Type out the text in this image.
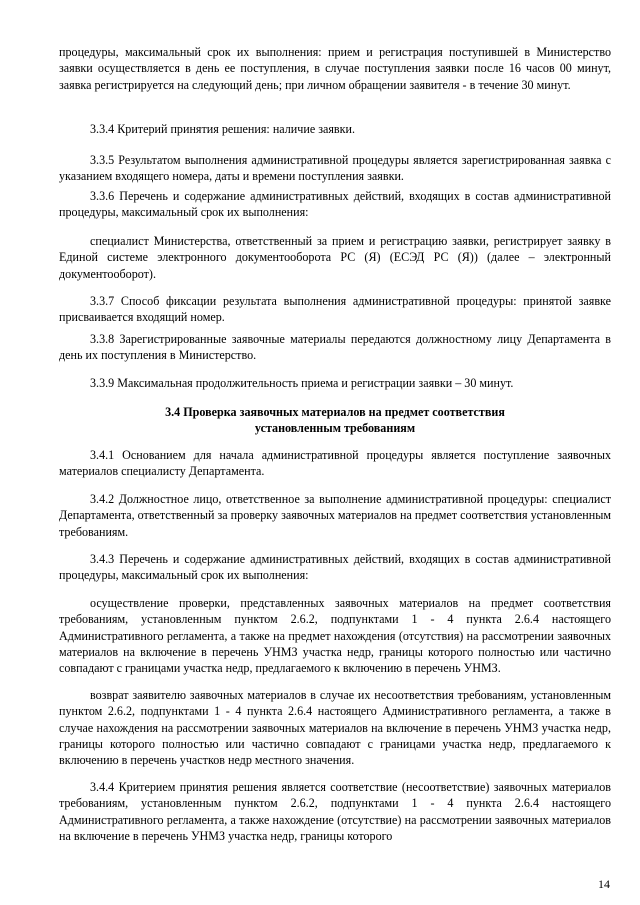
процедуры, максимальный срок их выполнения: прием и регистрация поступившей в Министерство заявки осуществляется в день ее поступления, в случае поступления заявки после 16 часов 00 минут, заявка регистрируется на следующий день; при личном обращении заявителя - в течение 30 минут.

3.3.4 Критерий принятия решения: наличие заявки.

3.3.5 Результатом выполнения административной процедуры является зарегистрированная заявка с указанием входящего номера, даты и времени поступления заявки.

3.3.6 Перечень и содержание административных действий, входящих в состав административной процедуры, максимальный срок их выполнения:

специалист Министерства, ответственный за прием и регистрацию заявки, регистрирует заявку в Единой системе электронного документооборота РС (Я) (ЕСЭД РС (Я)) (далее – электронный документооборот).

3.3.7 Способ фиксации результата выполнения административной процедуры: принятой заявке присваивается входящий номер.

3.3.8 Зарегистрированные заявочные материалы передаются должностному лицу Департамента в день их поступления в Министерство.

3.3.9 Максимальная продолжительность приема и регистрации заявки – 30 минут.

3.4 Проверка заявочных материалов на предмет соответствия
установленным требованиям

3.4.1 Основанием для начала административной процедуры является поступление заявочных материалов специалисту Департамента.

3.4.2 Должностное лицо, ответственное за выполнение административной процедуры: специалист Департамента, ответственный за проверку заявочных материалов на предмет соответствия установленным требованиям.

3.4.3 Перечень и содержание административных действий, входящих в состав административной процедуры, максимальный срок их выполнения:

осуществление проверки, представленных заявочных материалов на предмет соответствия требованиям, установленным пунктом 2.6.2, подпунктами 1 - 4 пункта 2.6.4 настоящего Административного регламента, а также на предмет нахождения (отсутствия) на рассмотрении заявочных материалов на включение в перечень УНМЗ участка недр, границы которого полностью или частично совпадают с границами участка недр, предлагаемого к включению в перечень УНМЗ.

возврат заявителю заявочных материалов в случае их несоответствия требованиям, установленным пунктом 2.6.2, подпунктами 1 - 4 пункта 2.6.4 настоящего Административного регламента, а также в случае нахождения на рассмотрении заявочных материалов на включение в перечень УНМЗ участка недр, границы которого полностью или частично совпадают с границами участка недр, предлагаемого к включению в перечень участков недр местного значения.

3.4.4 Критерием принятия решения является соответствие (несоответствие) заявочных материалов требованиям, установленным пунктом 2.6.2, подпунктами 1 - 4 пункта 2.6.4 настоящего Административного регламента, а также нахождение (отсутствие) на рассмотрении заявочных материалов на включение в перечень УНМЗ участка недр, границы которого

14
